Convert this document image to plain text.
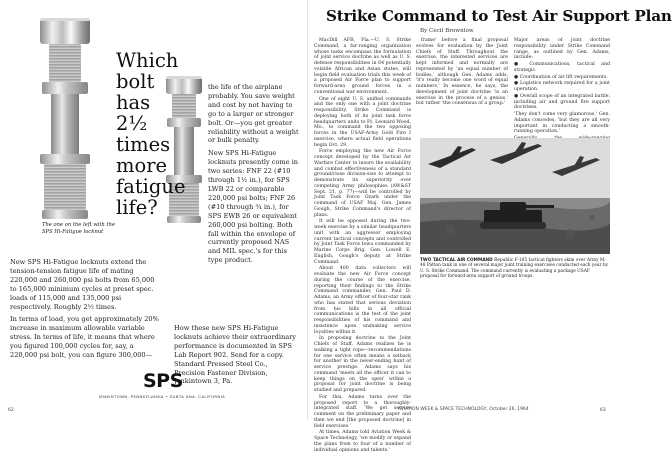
The one on the left with the SPS Hi-Fatigue locknut
Which bolt has 2½ times more fatigue life?

the life of the airplane probably. You save weight and cost by not having to go to a larger or stronger bolt. Or—you get greater reliability without a weight or bulk penalty.

New SPS Hi-Fatigue locknuts presently come in two series: FNF 22 (#10 through 1½ in.), for SPS LWB 22 or comparable 220,000 psi bolts; FNF 26 (#10 through ¾ in.), for SPS EWB 26 or equivalent 260,000 psi bolting. Both fall within the envelope of currently proposed NAS and MIL spec.'s for this type product.

New SPS Hi-Fatigue locknuts extend the tension-tension fatigue life of mating 220,000 and 260,000 psi bolts from 65,000 to 165,000 minimum cycles at preset spec. loads of 115,000 and 135,000 psi respectively. Roughly 2½ times.

In terms of load, you get approximately 20% increase in maximum allowable variable stress. In terms of life, it means that where you figured 100,000 cycles for, say, a 220,000 psi bolt, you can figure 300,000—

How these new SPS Hi-Fatigue locknuts achieve their extraordinary performance is documented in SPS Lab Report 902. Send for a copy. Standard Pressed Steel Co., Precision Fastener Division, Jenkintown 3, Pa.

SPS
JENKINTOWN, PENNSYLVANIA • SANTA ANA, CALIFORNIA
62
Strike Command to Test Air Support Plan
By Cecil Brownlow

MacDill AFB, Fla.—U. S. Strike Command, a far-ranging organization whose tasks encompass the formulation of joint service doctrine as well as U. S. defense responsibilities in 64 potentially volatile African and Asian states, will begin field evaluation trials this week of a proposed Air Force plan to support forward-area ground forces in a conventional war environment.

One of eight U. S. unified commands and the only one with a joint doctrine responsibility, Strike Command is deploying both of its joint task force headquarters units to Ft. Leonard Wood, Mo., to command the two opposing forces in the USAF-Army Gold Fire I exercise, where actual field operations begin Oct. 29.

Force employing the new Air Force concept developed by the Tactical Air Warfare Center to insure the availability and combat effectiveness of a standard ground/close division-size to attempt to demonstrate its superiority over competing Army philosophies (AW&ST Sept. 21, p. 77)—will be controlled by Joint Task Force Ozark under the command of USAF Maj. Gen. James Gough, Strike Command's director of plans.

It will be opposed during the two-week exercise by a similar headquarters unit with an aggressor employing current tactical concepts and controlled by Joint Task Force Iowa commanded by Marine Corps Brig. Gen. Lowell E. English, Gough's deputy at Strike Command.

About 400 data collectors will evaluate the new Air Force concept during the course of the exercise, reporting their findings to the Strike Command commander, Gen. Paul D. Adams, an Army officer of four-star rank who has stated that serious deviation from his bills in all official communications is the test of the joint responsibilities of his command and insistence upon unshaking service loyalties within it.

In proposing doctrine to the Joint Chiefs of Staff, Adams realizes he is walking a tight rope—recommendations for one service often means a setback for another in the never-ending hunt of service prestige. Adams says his command 'meets all the officer it can to keep things on the open' within a proposal for joint doctrine is being studied and prepared.

For this, Adams turns over the proposed report to a thoroughly-integrated staff. 'We get service comment on the preliminary paper and then we end [the proposed doctrine] in field exercises.'

At times, Adams told Aviation Week & Space Technology, 'we modify or expand the plans from to four of a number of individual opinions and talents.'

frame' before a final proposal evolves for evaluation by the Joint Chiefs of Staff. Throughout the exercise, the interested services are kept informed and normally are represented by 'an equal number of bodies,' although Gen. Adams adds, 'it's really become one word of equal numbers.' In essence, he says, the development of joint doctrine 'is an exercise in the process of a genius,' but rather 'the consensus of a group.'

Major areas of joint doctrine responsibility under Strike Command range, as outlined by Gen. Adams, include:

● Communications, tactical and strategic.

● Coordination of air lift requirements.

● Logistics network required for a joint operation.

● Overall scope of an integrated battle, including air and ground fire support doctrines.

'They don't come very glamorous,' Gen. Adams concedes, 'but they are all very important in conducting a smooth-running operation.'

TWO TACTICAL AIR COMMAND Republic F-105 tactical fighters skim over Army M-48 Patton tank in one of several major joint training exercises conducted each year by U. S. Strike Command. The command currently is evaluating a package USAF proposal for forward-area support of ground troops.
AVIATION WEEK & SPACE TECHNOLOGY, October 26, 1964	63
